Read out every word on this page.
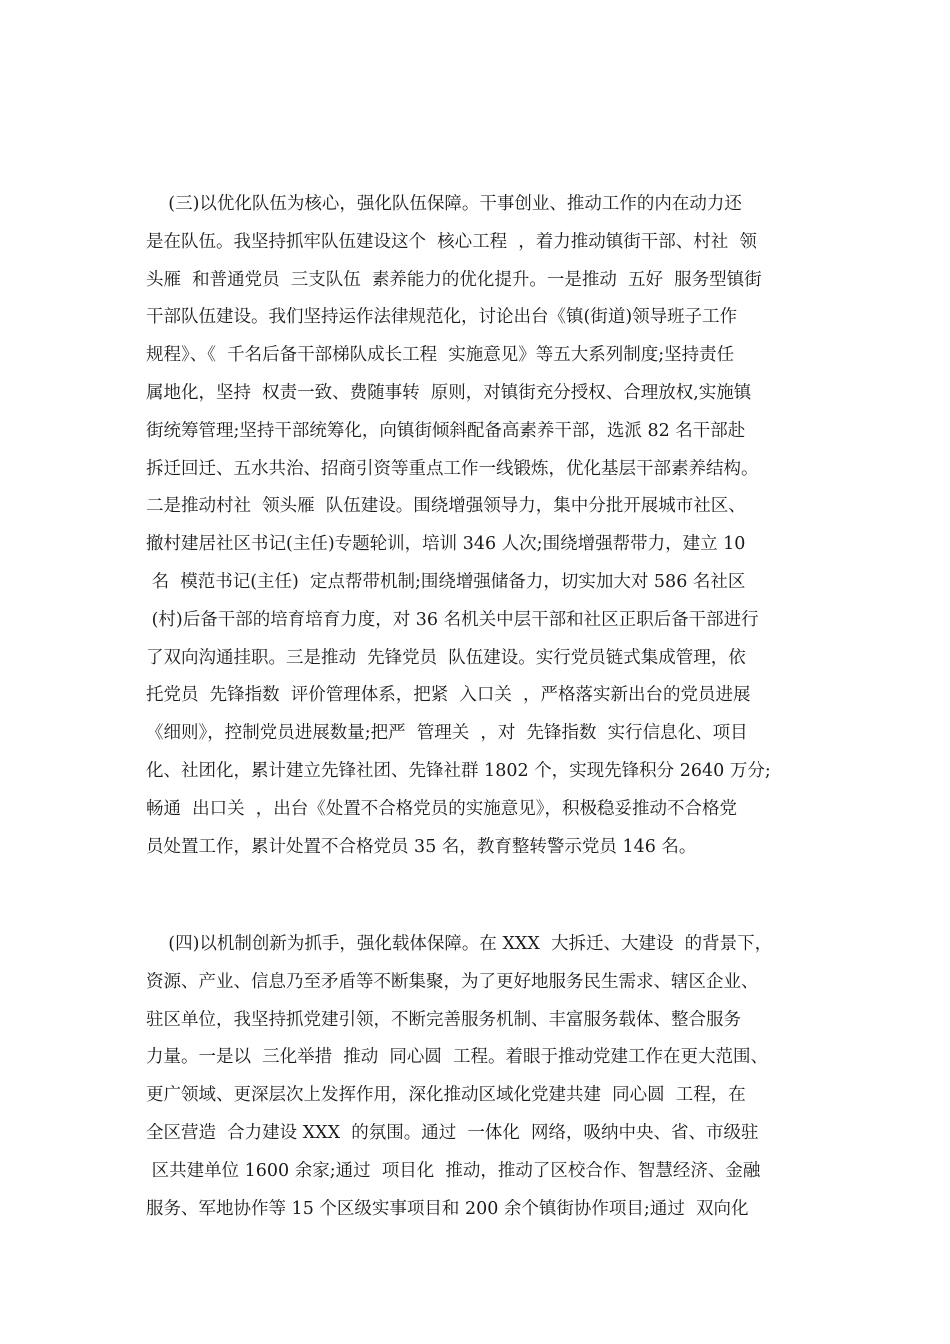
(三)以优化队伍为核心，强化队伍保障。干事创业、推动工作的内在动力还
是在队伍。我坚持抓牢队伍建设这个  核心工程  ，着力推动镇街干部、村社  领
头雁  和普通党员  三支队伍  素养能力的优化提升。一是推动  五好  服务型镇街
干部队伍建设。我们坚持运作法律规范化，讨论出台《镇(街道)领导班子工作
规程》、《  千名后备干部梯队成长工程  实施意见》等五大系列制度;坚持责任
属地化，坚持  权责一致、费随事转  原则，对镇街充分授权、合理放权,实施镇
街统筹管理;坚持干部统筹化，向镇街倾斜配备高素养干部，选派 82 名干部赴
拆迁回迁、五水共治、招商引资等重点工作一线锻炼，优化基层干部素养结构。
二是推动村社  领头雁  队伍建设。围绕增强领导力，集中分批开展城市社区、
撤村建居社区书记(主任)专题轮训，培训 346 人次;围绕增强帮带力，建立 10
名  模范书记(主任)  定点帮带机制;围绕增强储备力，切实加大对 586 名社区
(村)后备干部的培育培育力度，对 36 名机关中层干部和社区正职后备干部进行
了双向沟通挂职。三是推动  先锋党员  队伍建设。实行党员链式集成管理，依
托党员  先锋指数  评价管理体系，把紧  入口关  ，严格落实新出台的党员进展
《细则》，控制党员进展数量;把严  管理关  ，对  先锋指数  实行信息化、项目
化、社团化，累计建立先锋社团、先锋社群 1802 个，实现先锋积分 2640 万分;
畅通  出口关  ，出台《处置不合格党员的实施意见》，积极稳妥推动不合格党
员处置工作，累计处置不合格党员 35 名，教育整转警示党员 146 名。
(四)以机制创新为抓手，强化载体保障。在 XXX  大拆迁、大建设  的背景下，
资源、产业、信息乃至矛盾等不断集聚，为了更好地服务民生需求、辖区企业、
驻区单位，我坚持抓党建引领，不断完善服务机制、丰富服务载体、整合服务
力量。一是以  三化举措  推动  同心圆  工程。着眼于推动党建工作在更大范围、
更广领域、更深层次上发挥作用，深化推动区域化党建共建  同心圆  工程，在
全区营造  合力建设 XXX  的氛围。通过  一体化  网络，吸纳中央、省、市级驻
区共建单位 1600 余家;通过  项目化  推动，推动了区校合作、智慧经济、金融
服务、军地协作等 15 个区级实事项目和 200 余个镇街协作项目;通过  双向化
